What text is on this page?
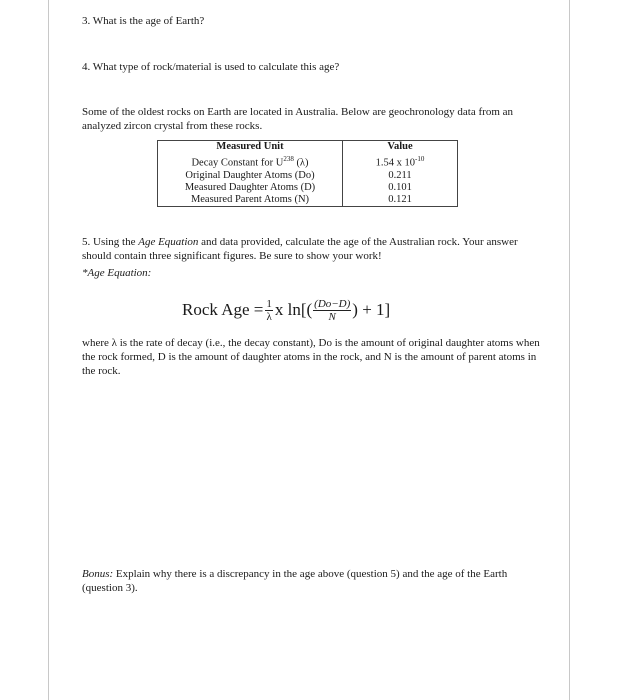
3. What is the age of Earth?

4. What type of rock/material is used to calculate this age?

Some of the oldest rocks on Earth are located in Australia. Below are geochronology data from an analyzed zircon crystal from these rocks.

Measured Unit	Value
Decay Constant for $U^{238}$ (λ)	1.54 x $10^{-10}$
Original Daughter Atoms (Do)	0.211
Measured Daughter Atoms (D)	0.101
Measured Parent Atoms (N)	0.121

5. Using the Age Equation and data provided, calculate the age of the Australian rock. Your answer should contain three significant figures. Be sure to show your work!

*Age Equation:

Rock Age = $\frac{1}{\lambda}$ x $\ln[( \frac{(Do-D)}{N}$ ) + 1]

where λ is the rate of decay (i.e., the decay constant), Do is the amount of original daughter atoms when the rock formed, D is the amount of daughter atoms in the rock, and N is the amount of parent atoms in the rock.

Bonus: Explain why there is a discrepancy in the age above (question 5) and the age of the Earth (question 3).
